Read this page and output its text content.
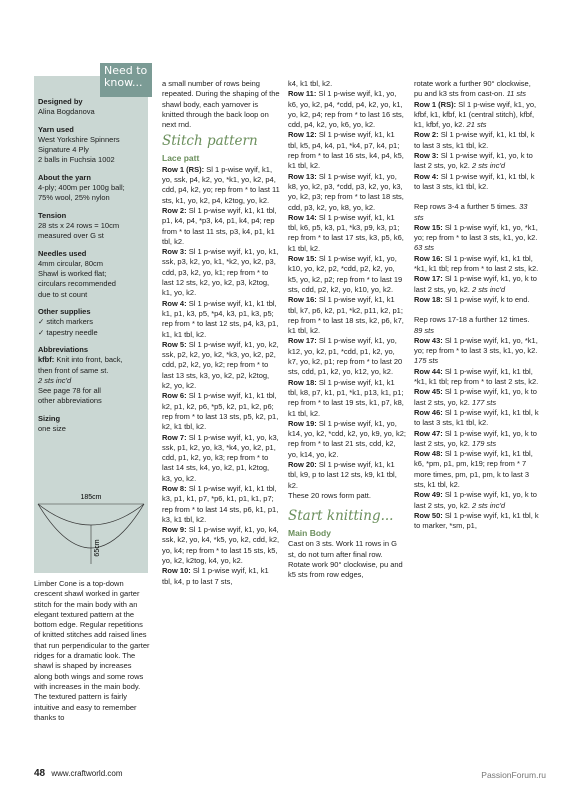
Need to know...
Designed by

Alina Bogdanova

Yarn used

West Yorkshire Spinners

Signature 4 Ply

2 balls in Fuchsia 1002

About the yarn

4-ply; 400m per 100g ball;

75% wool, 25% nylon

Tension

28 sts x 24 rows = 10cm

measured over G st

Needles used

4mm circular, 80cm

Shawl is worked flat;

circulars recommended

due to st count

Other supplies

✓ stitch markers

✓ tapestry needle

Abbreviations

kfbf: Knit into front, back,

then front of same st.

2 sts inc'd

See page 78 for all

other abbreviations

Sizing

one size

185cm
65cm
Limber Cone is a top-down crescent shawl worked in garter stitch for the main body with an elegant textured pattern at the bottom edge. Regular repetitions of knitted stitches add raised lines that run perpendicular to the garter ridges for a dramatic look. The shawl is shaped by increases along both wings and some rows with increases in the main body. The textured pattern is fairly intuitive and easy to remember thanks to

a small number of rows being repeated. During the shaping of the shawl body, each yarnover is knitted through the back loop on next rnd.

Stitch pattern
Lace patt

Row 1 (RS): Sl 1 p-wise wyif, k1, yo, ssk, p4, k2, yo, *k1, yo, k2, p4, cdd, p4, k2, yo; rep from * to last 11 sts, k1, yo, k2, p4, k2tog, yo, k2.

Row 2: Sl 1 p-wise wyif, k1, k1 tbl, p1, k4, p4, *p3, k4, p1, k4, p4; rep from * to last 11 sts, p3, k4, p1, k1 tbl, k2.

Row 3: Sl 1 p-wise wyif, k1, yo, k1, ssk, p3, k2, yo, k1, *k2, yo, k2, p3, cdd, p3, k2, yo, k1; rep from * to last 12 sts, k2, yo, k2, p3, k2tog, k1, yo, k2.

Row 4: Sl 1 p-wise wyif, k1, k1 tbl, k1, p1, k3, p5, *p4, k3, p1, k3, p5; rep from * to last 12 sts, p4, k3, p1, k1, k1 tbl, k2.

Row 5: Sl 1 p-wise wyif, k1, yo, k2, ssk, p2, k2, yo, k2, *k3, yo, k2, p2, cdd, p2, k2, yo, k2; rep from * to last 13 sts, k3, yo, k2, p2, k2tog, k2, yo, k2.

Row 6: Sl 1 p-wise wyif, k1, k1 tbl, k2, p1, k2, p6, *p5, k2, p1, k2, p6; rep from * to last 13 sts, p5, k2, p1, k2, k1 tbl, k2.

Row 7: Sl 1 p-wise wyif, k1, yo, k3, ssk, p1, k2, yo, k3, *k4, yo, k2, p1, cdd, p1, k2, yo, k3; rep from * to last 14 sts, k4, yo, k2, p1, k2tog, k3, yo, k2.

Row 8: Sl 1 p-wise wyif, k1, k1 tbl, k3, p1, k1, p7, *p6, k1, p1, k1, p7; rep from * to last 14 sts, p6, k1, p1, k3, k1 tbl, k2.

Row 9: Sl 1 p-wise wyif, k1, yo, k4, ssk, k2, yo, k4, *k5, yo, k2, cdd, k2, yo, k4; rep from * to last 15 sts, k5, yo, k2, k2tog, k4, yo, k2.

Row 10: Sl 1 p-wise wyif, k1, k1 tbl, k4, p to last 7 sts,

k4, k1 tbl, k2.

Row 11: Sl 1 p-wise wyif, k1, yo, k6, yo, k2, p4, *cdd, p4, k2, yo, k1, yo, k2, p4; rep from * to last 16 sts, cdd, p4, k2, yo, k6, yo, k2.

Row 12: Sl 1 p-wise wyif, k1, k1 tbl, k5, p4, k4, p1, *k4, p7, k4, p1; rep from * to last 16 sts, k4, p4, k5, k1 tbl, k2.

Row 13: Sl 1 p-wise wyif, k1, yo, k8, yo, k2, p3, *cdd, p3, k2, yo, k3, yo, k2, p3; rep from * to last 18 sts, cdd, p3, k2, yo, k8, yo, k2.

Row 14: Sl 1 p-wise wyif, k1, k1 tbl, k6, p5, k3, p1, *k3, p9, k3, p1; rep from * to last 17 sts, k3, p5, k6, k1 tbl, k2.

Row 15: Sl 1 p-wise wyif, k1, yo, k10, yo, k2, p2, *cdd, p2, k2, yo, k5, yo, k2, p2; rep from * to last 19 sts, cdd, p2, k2, yo, k10, yo, k2.

Row 16: Sl 1 p-wise wyif, k1, k1 tbl, k7, p6, k2, p1, *k2, p11, k2, p1; rep from * to last 18 sts, k2, p6, k7, k1 tbl, k2.

Row 17: Sl 1 p-wise wyif, k1, yo, k12, yo, k2, p1, *cdd, p1, k2, yo, k7, yo, k2, p1; rep from * to last 20 sts, cdd, p1, k2, yo, k12, yo, k2.

Row 18: Sl 1 p-wise wyif, k1, k1 tbl, k8, p7, k1, p1, *k1, p13, k1, p1; rep from * to last 19 sts, k1, p7, k8, k1 tbl, k2.

Row 19: Sl 1 p-wise wyif, k1, yo, k14, yo, k2, *cdd, k2, yo, k9, yo, k2; rep from * to last 21 sts, cdd, k2, yo, k14, yo, k2.

Row 20: Sl 1 p-wise wyif, k1, k1 tbl, k9, p to last 12 sts, k9, k1 tbl, k2.

These 20 rows form patt.

Start knitting...
Main Body

Cast on 3 sts. Work 11 rows in G st, do not turn after final row. Rotate work 90° clockwise, pu and k5 sts from row edges,

rotate work a further 90° clockwise, pu and k3 sts from cast-on. 11 sts

Row 1 (RS): Sl 1 p-wise wyif, k1, yo, kfbf, k1, kfbf, k1 (central stitch), kfbf, k1, kfbf, yo, k2. 21 sts

Row 2: Sl 1 p-wise wyif, k1, k1 tbl, k to last 3 sts, k1 tbl, k2.

Row 3: Sl 1 p-wise wyif, k1, yo, k to last 2 sts, yo, k2. 2 sts inc'd

Row 4: Sl 1 p-wise wyif, k1, k1 tbl, k to last 3 sts, k1 tbl, k2.

Rep rows 3-4 a further 5 times. 33 sts

Row 15: Sl 1 p-wise wyif, k1, yo, *k1, yo; rep from * to last 3 sts, k1, yo, k2. 63 sts

Row 16: Sl 1 p-wise wyif, k1, k1 tbl, *k1, k1 tbl; rep from * to last 2 sts, k2.

Row 17: Sl 1 p-wise wyif, k1, yo, k to last 2 sts, yo, k2. 2 sts inc'd

Row 18: Sl 1 p-wise wyif, k to end.

Rep rows 17-18 a further 12 times. 89 sts

Row 43: Sl 1 p-wise wyif, k1, yo, *k1, yo; rep from * to last 3 sts, k1, yo, k2. 175 sts

Row 44: Sl 1 p-wise wyif, k1, k1 tbl, *k1, k1 tbl; rep from * to last 2 sts, k2.

Row 45: Sl 1 p-wise wyif, k1, yo, k to last 2 sts, yo, k2. 177 sts

Row 46: Sl 1 p-wise wyif, k1, k1 tbl, k to last 3 sts, k1 tbl, k2.

Row 47: Sl 1 p-wise wyif, k1, yo, k to last 2 sts, yo, k2. 179 sts

Row 48: Sl 1 p-wise wyif, k1, k1 tbl, k6, *pm, p1, pm, k19; rep from * 7 more times, pm, p1, pm, k to last 3 sts, k1 tbl, k2.

Row 49: Sl 1 p-wise wyif, k1, yo, k to last 2 sts, yo, k2. 2 sts inc'd

Row 50: Sl 1 p-wise wyif, k1, k1 tbl, k to marker, *sm, p1,

48 www.craftworld.com	PassionForum.ru
